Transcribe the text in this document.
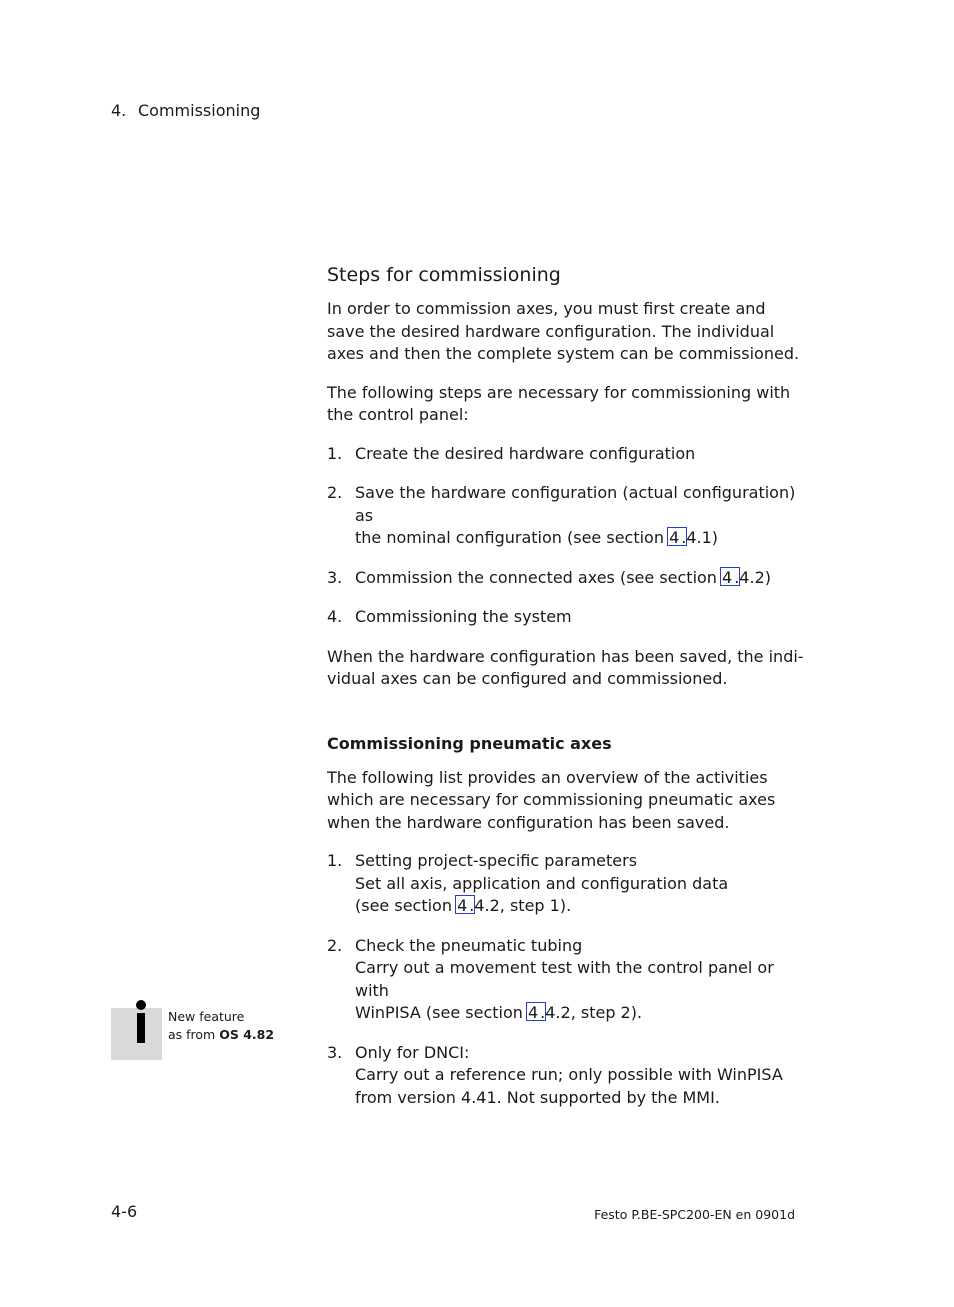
4. Commissioning
Steps for commissioning

In order to commission axes, you must first create and save the desired hardware configuration. The individual axes and then the complete system can be commissioned.

The following steps are necessary for commissioning with the control panel:

1. Create the desired hardware configuration
2. Save the hardware configuration (actual configuration) as
the nominal configuration (see section 4 .4.1)
3. Commission the connected axes (see section 4 .4.2)
4. Commissioning the system

When the hardware configuration has been saved, the indi-vidual axes can be configured and commissioned.

Commissioning pneumatic axes

The following list provides an overview of the activities which are necessary for commissioning pneumatic axes when the hardware configuration has been saved.

1. Setting project-specific parameters
Set all axis, application and configuration data
(see section 4 .4.2, step 1).
2. Check the pneumatic tubing
Carry out a movement test with the control panel or with
WinPISA (see section 4 .4.2, step 2).
3. Only for DNCI:
Carry out a reference run; only possible with WinPISA
from version 4.41. Not supported by the MMI.
New feature
as from OS 4.82
4-6	Festo P.BE-SPC200-EN en 0901d
